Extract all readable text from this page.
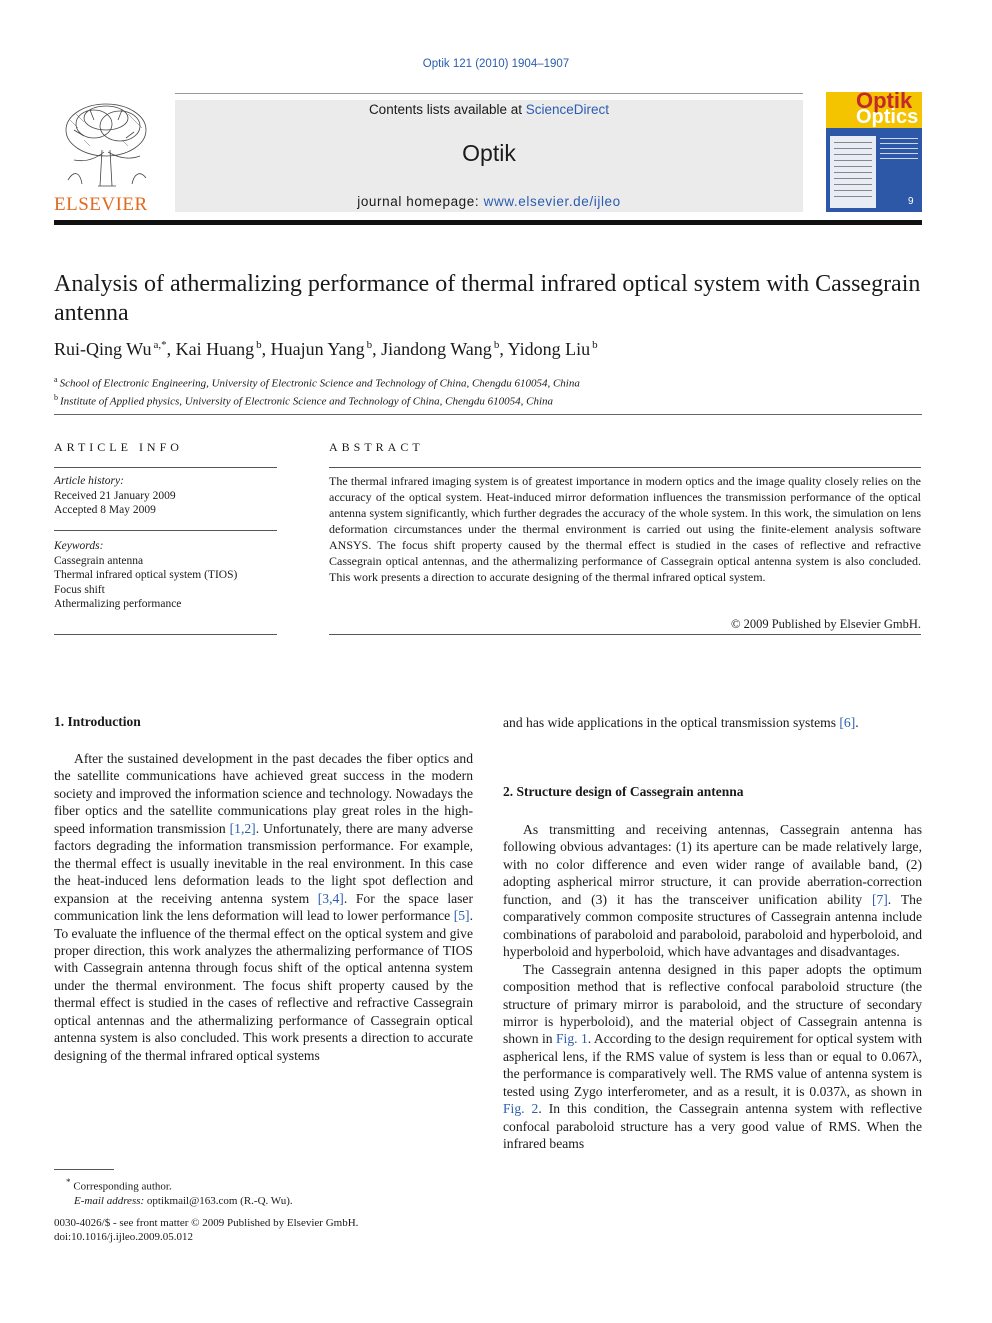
Optik 121 (2010) 1904–1907
ELSEVIER
Contents lists available at ScienceDirect
Optik
journal homepage: www.elsevier.de/ijleo
Optik
Optics
9
Analysis of athermalizing performance of thermal infrared optical system with Cassegrain antenna
Rui-Qing Wu $^{a,*}$, Kai Huang $^b$, Huajun Yang $^b$, Jiandong Wang $^b$, Yidong Liu $^b$
$^a$ School of Electronic Engineering, University of Electronic Science and Technology of China, Chengdu 610054, China
$^b$ Institute of Applied physics, University of Electronic Science and Technology of China, Chengdu 610054, China
ARTICLE INFO
Article history:
Received 21 January 2009
Accepted 8 May 2009
Keywords:
Cassegrain antenna
Thermal infrared optical system (TIOS)
Focus shift
Athermalizing performance
ABSTRACT
The thermal infrared imaging system is of greatest importance in modern optics and the image quality closely relies on the accuracy of the optical system. Heat-induced mirror deformation influences the transmission performance of the optical antenna system significantly, which further degrades the accuracy of the whole system. In this work, the simulation on lens deformation circumstances under the thermal environment is carried out using the finite-element analysis software ANSYS. The focus shift property caused by the thermal effect is studied in the cases of reflective and refractive Cassegrain optical antennas, and the athermalizing performance of Cassegrain optical antenna system is also concluded. This work presents a direction to accurate designing of the thermal infrared optical system.
© 2009 Published by Elsevier GmbH.
1. Introduction

After the sustained development in the past decades the fiber optics and the satellite communications have achieved great success in the modern society and improved the information science and technology. Nowadays the fiber optics and the satellite communications play great roles in the high-speed information transmission [1,2]. Unfortunately, there are many adverse factors degrading the information transmission performance. For example, the thermal effect is usually inevitable in the real environment. In this case the heat-induced lens deformation leads to the light spot deflection and expansion at the receiving antenna system [3,4]. For the space laser communication link the lens deformation will lead to lower performance [5]. To evaluate the influence of the thermal effect on the optical system and give proper direction, this work analyzes the athermalizing performance of TIOS with Cassegrain antenna through focus shift of the optical antenna system under the thermal environment. The focus shift property caused by the thermal effect is studied in the cases of reflective and refractive Cassegrain optical antennas and the athermalizing performance of Cassegrain optical antenna system is also concluded. This work presents a direction to accurate designing of the thermal infrared optical systems

and has wide applications in the optical transmission systems [6].
2. Structure design of Cassegrain antenna

As transmitting and receiving antennas, Cassegrain antenna has following obvious advantages: (1) its aperture can be made relatively large, with no color difference and even wider range of available band, (2) adopting aspherical mirror structure, it can provide aberration-correction function, and (3) it has the transceiver unification ability [7]. The comparatively common composite structures of Cassegrain antenna include combinations of paraboloid and paraboloid, paraboloid and hyperboloid, and hyperboloid and hyperboloid, which have advantages and disadvantages.

The Cassegrain antenna designed in this paper adopts the optimum composition method that is reflective confocal paraboloid structure (the structure of primary mirror is paraboloid, and the structure of secondary mirror is hyperboloid), and the material object of Cassegrain antenna is shown in Fig. 1. According to the design requirement for optical system with aspherical lens, if the RMS value of system is less than or equal to 0.067λ, the performance is comparatively well. The RMS value of antenna system is tested using Zygo interferometer, and as a result, it is 0.037λ, as shown in Fig. 2. In this condition, the Cassegrain antenna system with reflective confocal paraboloid structure has a very good value of RMS. When the infrared beams

* Corresponding author.
E-mail address: optikmail@163.com (R.-Q. Wu).
0030-4026/$ - see front matter © 2009 Published by Elsevier GmbH.
doi:10.1016/j.ijleo.2009.05.012
